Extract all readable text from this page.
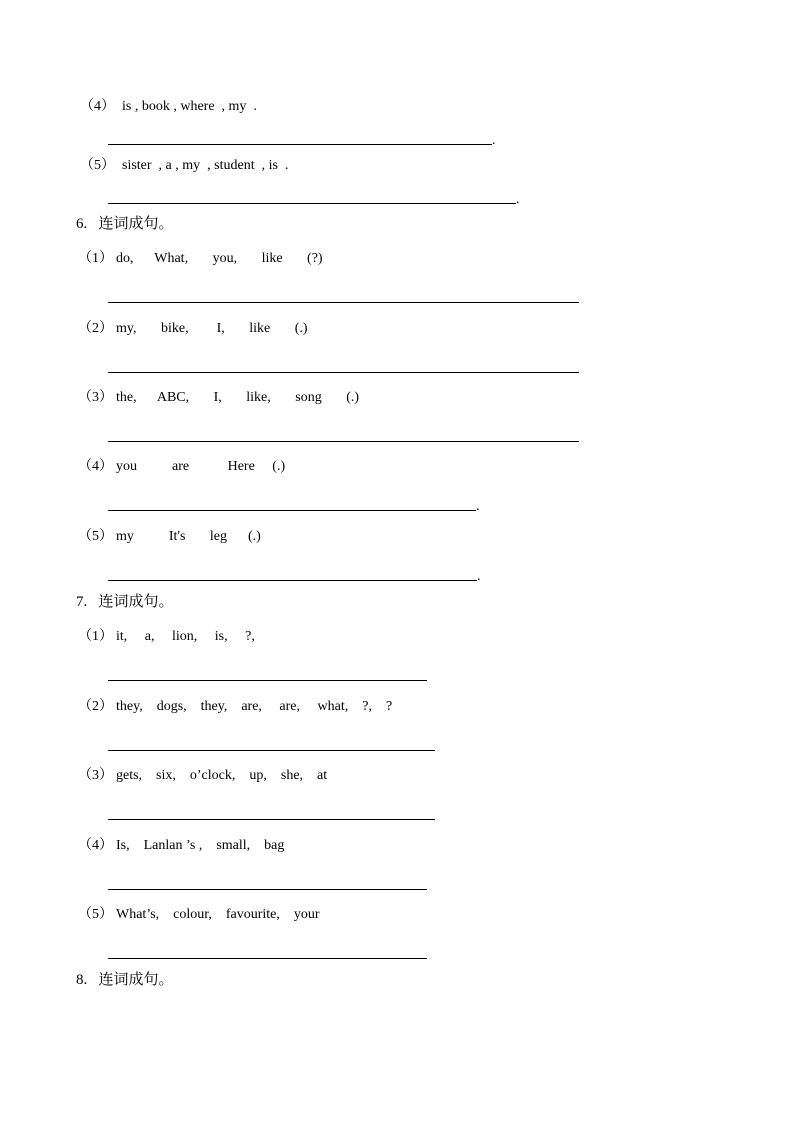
（4） is , book , where  , my  .
.
（5） sister  , a , my  , student  , is  .
.
6.   连词成句。
（1） do,      What,       you,       like       (?)
（2） my,       bike,        I,       like       (.)
（3） the,      ABC,       I,       like,       song       (.)
（4） you          are           Here     (.)
.
（5） my          It's       leg      (.)
.
7.   连词成句。
（1） it,     a,     lion,     is,     ?,
（2） they,    dogs,    they,    are,     are,     what,    ?,    ?
（3） gets,    six,    o’clock,    up,    she,    at
（4） Is,    Lanlan ’s ,    small,    bag
（5） What’s,    colour,    favourite,    your
8.   连词成句。
